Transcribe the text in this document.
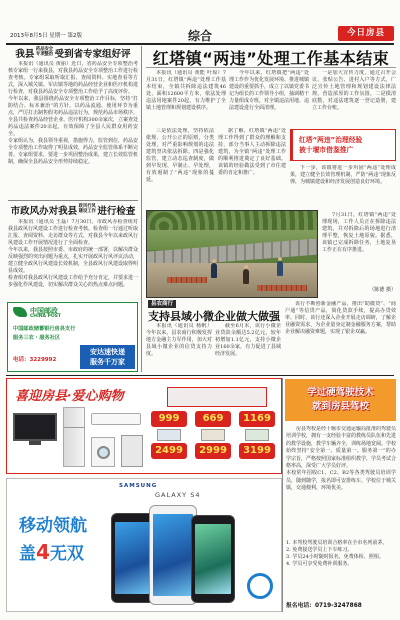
2013年8月5日 星期一 第2版	综合	今日房县
我县 药品安全
专项整治 受到省专家组好评
本报讯（通讯员 黄丽）近日，省药品安全专项整治考核专家组一行来我县，对我县药品安全专项整治工作进行检查考核。专家组采取听取汇报、查阅资料、实地查看等方式，深入城关镇、军店镇等地的药品经营企业和医疗机构进行检查，对我县药品安全专项整治工作给予了高度评价。
今年以来，我县围绕药品安全专项整治工作目标，坚持“打防结合、标本兼治”的方针，以药品流通、使用环节为重点，严厉打击制售假劣药品违法行为，规范药品市场秩序。全县共检查药品经营企业、医疗机构300余家次，立案查处药品违法案件20余起，有效保障了全县人民群众用药安全。
专家组认为，我县领导重视，措施得力，监管到位，药品安全专项整治工作取得了明显成效，药品安全监管体系不断完善。专家组要求，要进一步巩固整治成果，建立长效监管机制，确保全县药品安全形势持续稳定。
市政风办对我县 政风行风
建设工作 进行检查
本报讯（通讯员 王磊）7月30日，市政风办检查组对我县政风行风建设工作进行检查考核。检查组一行通过听取汇报、查阅资料、走访群众等方式，对我县今年以来政风行风建设工作开展情况进行了全面检查。
今年以来，我县按照市委、市政府的统一部署，以解决群众反映强烈的突出问题为重点，扎实开展政风行风评议活动，建立健全政风行风建设长效机制，全县政风行风建设取得明显成效。
检查组对我县政风行风建设工作给予充分肯定，并要求进一步强化作风建设，切实解决群众关心的热点难点问题。
中国邮政
CHINA POST
中国邮政储蓄银行房县支行
服务三农 · 服务社区
安达速快递
服务千万家
电话：3229992
红塔镇“两违”处理工作基本结束
本报讯（通讯员 黄能 叶琼）7月31日，红塔镇“两违”处理工作基本结束，全镇共拆除违法建筑46处，面积12600平方米，依法处理违法用地案件20起，有力维护了全镇土地管理和规划建设秩序。
今年以来，红塔镇把“两违”处理工作作为优化发展环境、推进城镇建设的重要抓手，成立了以镇党委书记为组长的工作领导小组，抽调精干力量组成专班，对全镇违法用地、违法建设进行全面清理。
一是加大宣传力度，通过召开会议、张贴公告、进村入户等方式，广泛宣传土地管理和规划建设法律法规，营造浓厚的工作氛围。二是摸清底数，对违法建筑逐一登记造册，建立工作台账。
三是依法处理，坚持依法依规、公开公正的原则，分类处理，对严重影响规划的违法建筑坚决依法拆除。四是强化监管，建立动态巡查制度，做到早发现、早制止、早处理，有效遏制了“两违”现象的蔓延。
据了解，红塔镇“两违”处理工作得到了群众的理解和支持，部分当事人主动拆除违法建筑，为全镇“两违”处理工作的顺利推进奠定了良好基础。该镇的经验做法受到了市住建委的肯定和推广。
红塔“两违”治理经验
被十堰市借鉴推广
下一步，该镇将进一步巩固“两违”处理成果，建立健全长效管理机制，严防“两违”现象反弹，为城镇建设和经济发展创造良好环境。
7月31日，红塔镇“两违”处理现场，工作人员正在拆除违法建筑，并对拆除后的场地进行清理平整，恢复土地原貌。据悉，该镇已完成拆除任务，土地复垦工作正在有序推进。
（陈德 摄）
县农商行
支持县域小微企业做大做强
本报讯（通讯员 杨帆）今年以来，县农商行积极发挥地方金融主力军作用，加大对县域小微企业的信贷支持力度。
截至6月末，该行小微企业贷款余额达5.2亿元，较年初增加1.1亿元，支持小微企业160余家，有力促进了县域经济发展。
该行不断创新金融产品，推出“助微贷”、“商户通”等信贷产品，简化贷款手续，提高办贷效率。同时，该行还深入企业开展走访调研，了解企业融资需求，为企业量身定制金融服务方案，帮助企业解决融资难题，实现了银企双赢。
喜迎房县·爱心购物
999	669	1169
2499	2999	3199
SAMSUNG
GALAXY S4
移动领航
盖4无双
学过硬驾驶技术
就到房县驾校
房县驾校是经十堰市交通运输局批准的驾驶员培训学校，拥有一支经验丰富的教练员队伍和先进的教学设施，教学车辆齐全，训练场地宽阔。学校始终坚持“安全第一、质量第一、服务第一”的办学宗旨，严格按照国家标准组织教学，学员考试合格率高，深受广大学员好评。
本校常年招收C1、C2、B2等各类驾驶员培训学员，随到随学，报名即可安排练车。学校位于城关镇，交通便利，环境优美。
1. 本驾校驾驶员培训合格率在全市名列前茅。
2. 免费接送学员上下车练习。
3. 学员24小时随时报名，免费体检、照相。
4. 学员可享受免费补训服务。
报名电话：0719-3247868
